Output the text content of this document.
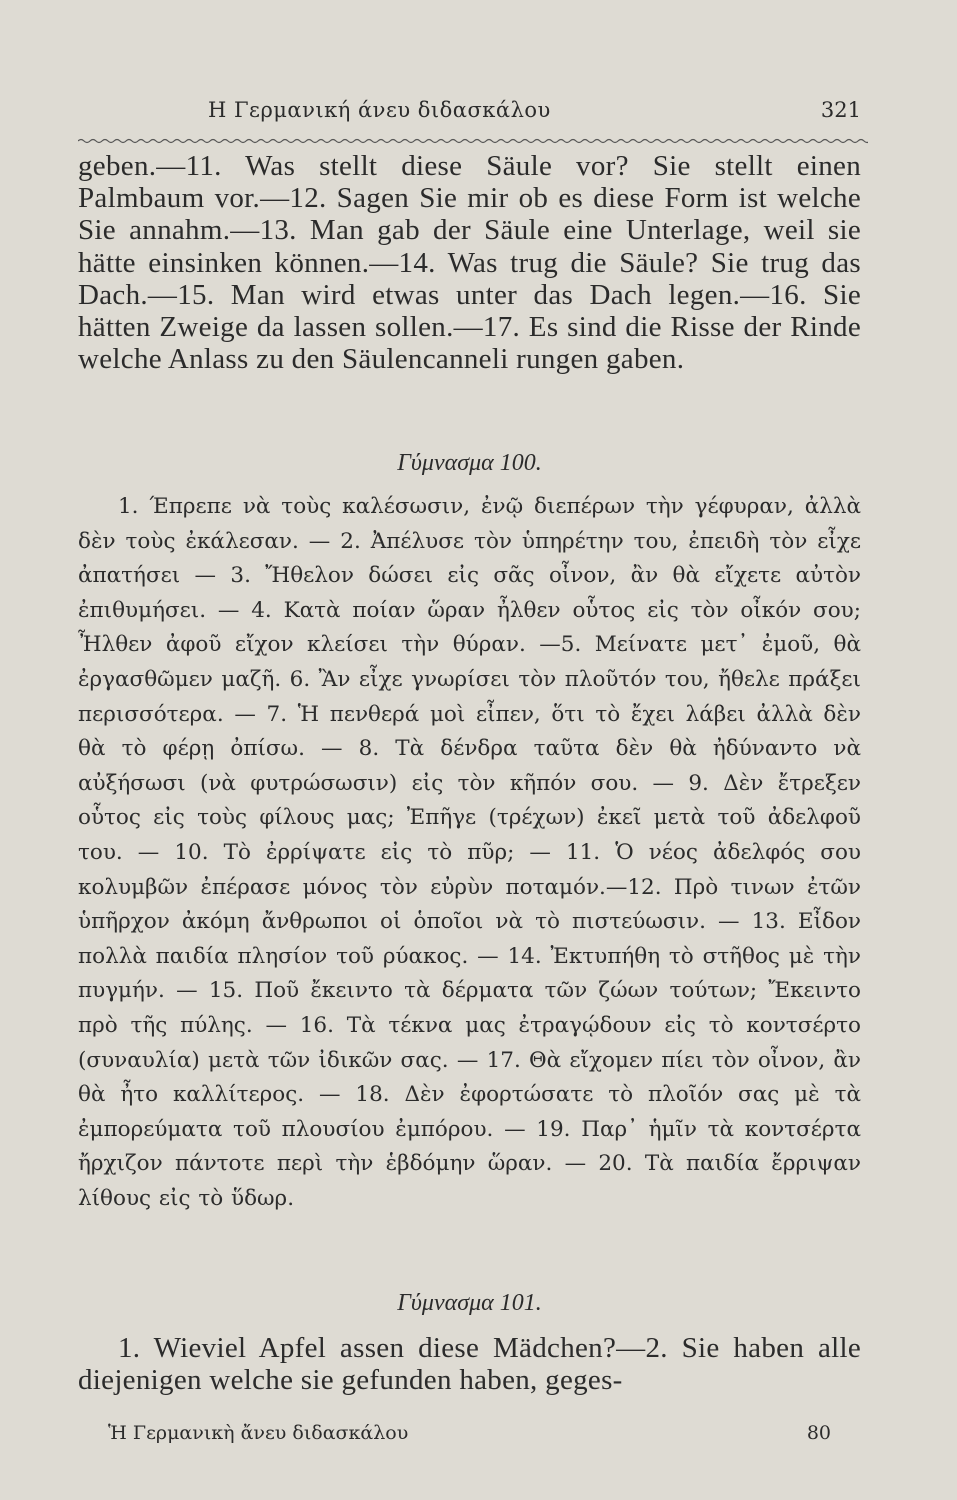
Η Γερμανική άνευ διδασκάλου	321
geben.—11. Was stellt diese Säule vor? Sie stellt einen Palmbaum vor.—12. Sagen Sie mir ob es diese Form ist welche Sie annahm.—13. Man gab der Säule eine Unterlage, weil sie hätte einsinken können.—14. Was trug die Säule? Sie trug das Dach.—15. Man wird etwas unter das Dach legen.—16. Sie hätten Zweige da lassen sollen.—17. Es sind die Risse der Rinde welche Anlass zu den Säulencanneli rungen gaben.
Γύμνασμα 100.
1. Έπρεπε νὰ τοὺς καλέσωσιν, ἐνῷ διεπέρων τὴν γέφυραν, ἀλλὰ δὲν τοὺς ἐκάλεσαν. — 2. Ἀπέλυσε τὸν ὑπηρέτην του, ἐπειδὴ τὸν εἶχε ἀπατήσει — 3. Ἤθελον δώσει εἰς σᾶς οἶνον, ἂν θὰ εἴχετε αὐτὸν ἐπιθυμήσει. — 4. Κατὰ ποίαν ὥραν ἦλθεν οὗτος εἰς τὸν οἶκόν σου; Ἦλθεν ἀφοῦ εἴχον κλείσει τὴν θύραν. —5. Μείνατε μετ᾽ ἐμοῦ, θὰ ἐργασθῶμεν μαζῆ. 6. Ἂν εἶχε γνωρίσει τὸν πλοῦτόν του, ἤθελε πράξει περισσότερα. — 7. Ἡ πενθερά μοὶ εἶπεν, ὅτι τὸ ἔχει λάβει ἀλλὰ δὲν θὰ τὸ φέρῃ ὀπίσω. — 8. Τὰ δένδρα ταῦτα δὲν θὰ ἠδύναντο νὰ αὐξήσωσι (νὰ φυτρώσωσιν) εἰς τὸν κῆπόν σου. — 9. Δὲν ἔτρεξεν οὗτος εἰς τοὺς φίλους μας; Ἐπῆγε (τρέχων) ἐκεῖ μετὰ τοῦ ἀδελφοῦ του. — 10. Τὸ ἐρρίψατε εἰς τὸ πῦρ; — 11. Ὁ νέος ἀδελφός σου κολυμβῶν ἐπέρασε μόνος τὸν εὐρὺν ποταμόν.—12. Πρὸ τινων ἐτῶν ὑπῆρχον ἀκόμη ἄνθρωποι οἱ ὁποῖοι νὰ τὸ πιστεύωσιν. — 13. Εἶδον πολλὰ παιδία πλησίον τοῦ ρύακος. — 14. Ἐκτυπήθη τὸ στῆθος μὲ τὴν πυγμήν. — 15. Ποῦ ἔκειντο τὰ δέρματα τῶν ζώων τούτων; Ἔκειντο πρὸ τῆς πύλης. — 16. Τὰ τέκνα μας ἐτραγῴδουν εἰς τὸ κοντσέρτο (συναυλία) μετὰ τῶν ἰδικῶν σας. — 17. Θὰ εἴχομεν πίει τὸν οἶνον, ἂν θὰ ἦτο καλλίτερος. — 18. Δὲν ἐφορτώσατε τὸ πλοῖόν σας μὲ τὰ ἐμπορεύματα τοῦ πλουσίου ἐμπόρου. — 19. Παρ᾽ ἡμῖν τὰ κοντσέρτα ἤρχιζον πάντοτε περὶ τὴν ἑβδόμην ὥραν. — 20. Τὰ παιδία ἔρριψαν λίθους εἰς τὸ ὕδωρ.
Γύμνασμα 101.
1. Wieviel Apfel assen diese Mädchen?—2. Sie haben alle diejenigen welche sie gefunden haben, geges-
Ἡ Γερμανικὴ ἄνευ διδασκάλου	80
